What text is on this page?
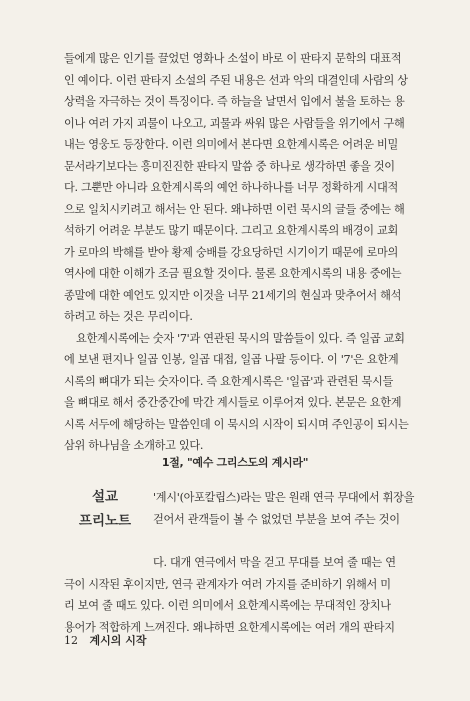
들에게 많은 인기를 끌었던 영화나 소설이 바로 이 판타지 문학의 대표적
인 예이다. 이런 판타지 소설의 주된 내용은 선과 악의 대결인데 사람의 상
상력을 자극하는 것이 특징이다. 즉 하늘을 날면서 입에서 불을 토하는 용
이나 여러 가지 괴물이 나오고, 괴물과 싸워 많은 사람들을 위기에서 구해
내는 영웅도 등장한다. 이런 의미에서 본다면 요한계시록은 어려운 비밀
문서라기보다는 흥미진진한 판타지 말씀 중 하나로 생각하면 좋을 것이
다. 그뿐만 아니라 요한계시록의 예언 하나하나를 너무 정확하게 시대적
으로 일치시키려고 해서는 안 된다. 왜냐하면 이런 묵시의 글들 중에는 해
석하기 어려운 부분도 많기 때문이다. 그리고 요한계시록의 배경이 교회
가 로마의 박해를 받아 황제 숭배를 강요당하던 시기이기 때문에 로마의
역사에 대한 이해가 조금 필요할 것이다. 물론 요한계시록의 내용 중에는
종말에 대한 예언도 있지만 이것을 너무 21세기의 현실과 맞추어서 해석
하려고 하는 것은 무리이다.
요한계시록에는 숫자 '7'과 연관된 묵시의 말씀들이 있다. 즉 일곱 교회
에 보낸 편지나 일곱 인봉, 일곱 대접, 일곱 나팔 등이다. 이 '7'은 요한계
시록의 뼈대가 되는 숫자이다. 즉 요한계시록은 '일곱'과 관련된 묵시들
을 뼈대로 해서 중간중간에 막간 계시들로 이루어져 있다. 본문은 요한계
시록 서두에 해당하는 말씀인데 이 묵시의 시작이 되시며 주인공이 되시는
삼위 하나님을 소개하고 있다.
1절, "예수 그리스도의 계시라"
설교
프리노트
'계시'(아포칼립스)라는 말은 원래 연극 무대에서 휘장을
걷어서 관객들이 볼 수 없었던 부분을 보여 주는 것이
다. 대개 연극에서 막을 걷고 무대를 보여 줄 때는 연
극이 시작된 후이지만, 연극 관계자가 여러 가지를 준비하기 위해서 미
리 보여 줄 때도 있다. 이런 의미에서 요한계시록에는 무대적인 장치나
용어가 적합하게 느껴진다. 왜냐하면 요한계시록에는 여러 개의 판타지
12 계시의 시작
